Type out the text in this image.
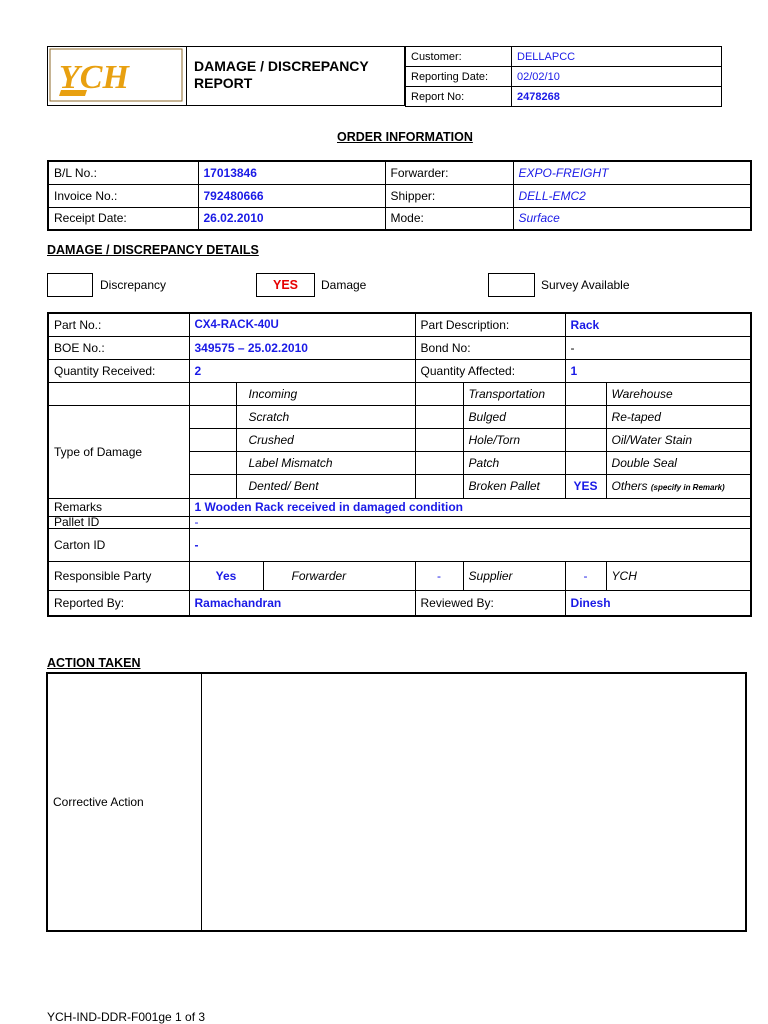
YCH	DAMAGE / DISCREPANCY
REPORT
Customer:	DELLAPCC
Reporting Date:	02/02/10
Report No:	2478268
ORDER INFORMATION
B/L No.:	17013846	Forwarder:	EXPO-FREIGHT
Invoice No.:	792480666	Shipper:	DELL-EMC2
Receipt Date:	26.02.2010	Mode:	Surface
DAMAGE / DISCREPANCY DETAILS
Discrepancy	YES	Damage	Survey Available
Part No.:	CX4-RACK-40U			Part Description:		Rack	
BOE No.:	349575 – 25.02.2010			Bond No:		-	
Quantity Received:	2			Quantity Affected:		1	
		Incoming			Transportation		Warehouse
Type of Damage		Scratch			Bulged		Re-taped
		Crushed			Hole/Torn		Oil/Water Stain
		Label Mismatch			Patch		Double Seal
		Dented/ Bent			Broken Pallet	YES	Others (specify in Remark)
Remarks	1 Wooden Rack received in damaged condition						
Pallet ID	-						
Carton ID	-						
Responsible Party	Yes		Forwarder	-	Supplier	-	YCH
Reported By:	Ramachandran			Reviewed By:		Dinesh	
ACTION TAKEN
Corrective Action	
YCH-IND-DDR-F001ge 1 of 3
